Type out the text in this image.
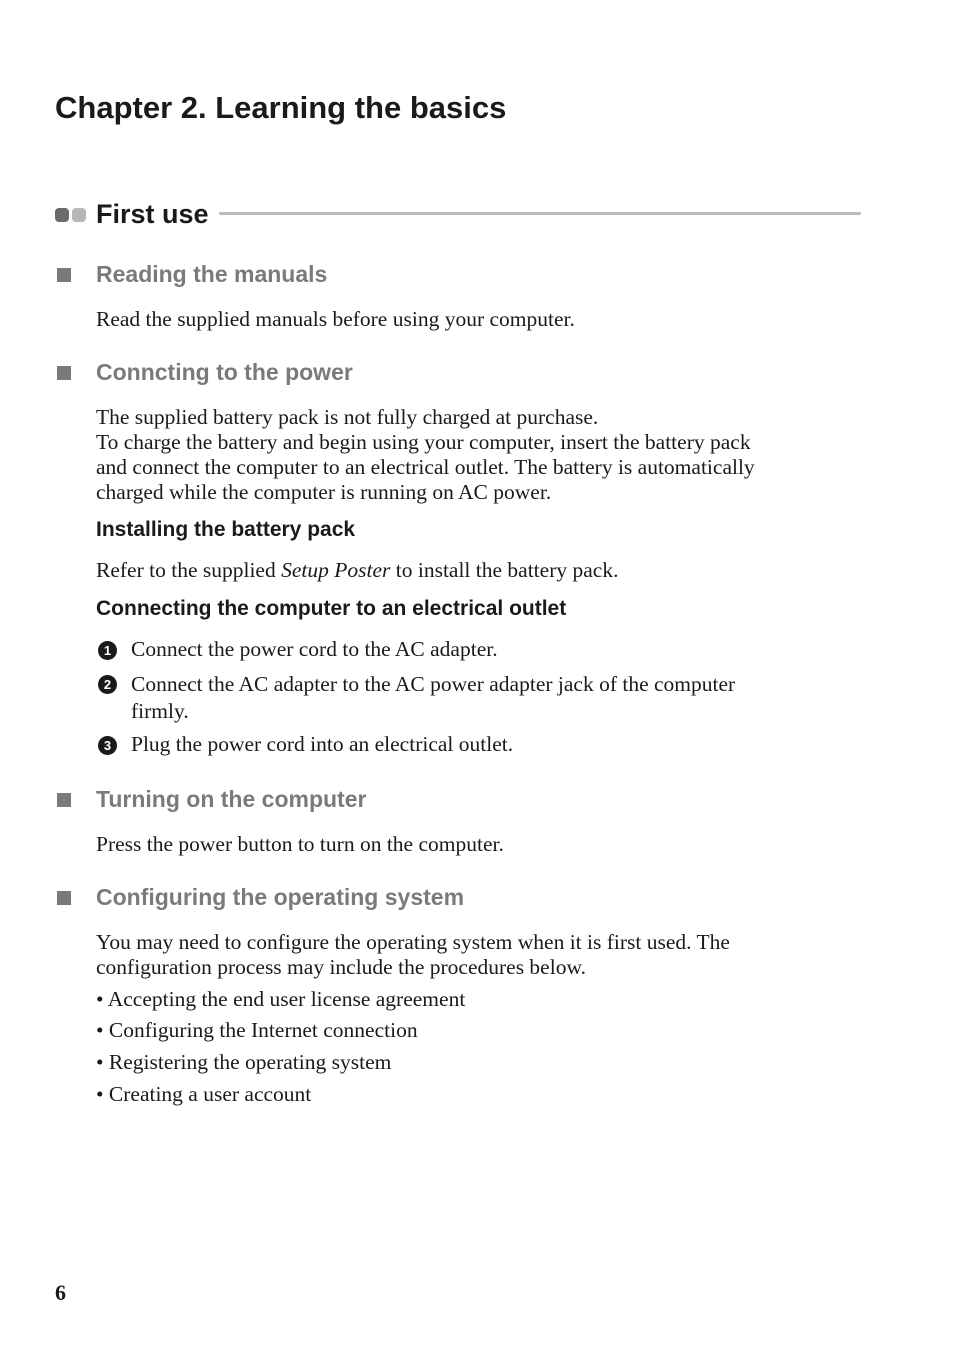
Chapter 2. Learning the basics
First use
Reading the manuals
Read the supplied manuals before using your computer.
Conncting to the power
The supplied battery pack is not fully charged at purchase.
To charge the battery and begin using your computer, insert the battery pack
and connect the computer to an electrical outlet. The battery is automatically
charged while the computer is running on AC power.
Installing the battery pack
Refer to the supplied Setup Poster to install the battery pack.
Connecting the computer to an electrical outlet
1 Connect the power cord to the AC adapter.
2 Connect the AC adapter to the AC power adapter jack of the computer
firmly.
3 Plug the power cord into an electrical outlet.
Turning on the computer
Press the power button to turn on the computer.
Configuring the operating system
You may need to configure the operating system when it is first used. The
configuration process may include the procedures below.
• Accepting the end user license agreement
• Configuring the Internet connection
• Registering the operating system
• Creating a user account
6
